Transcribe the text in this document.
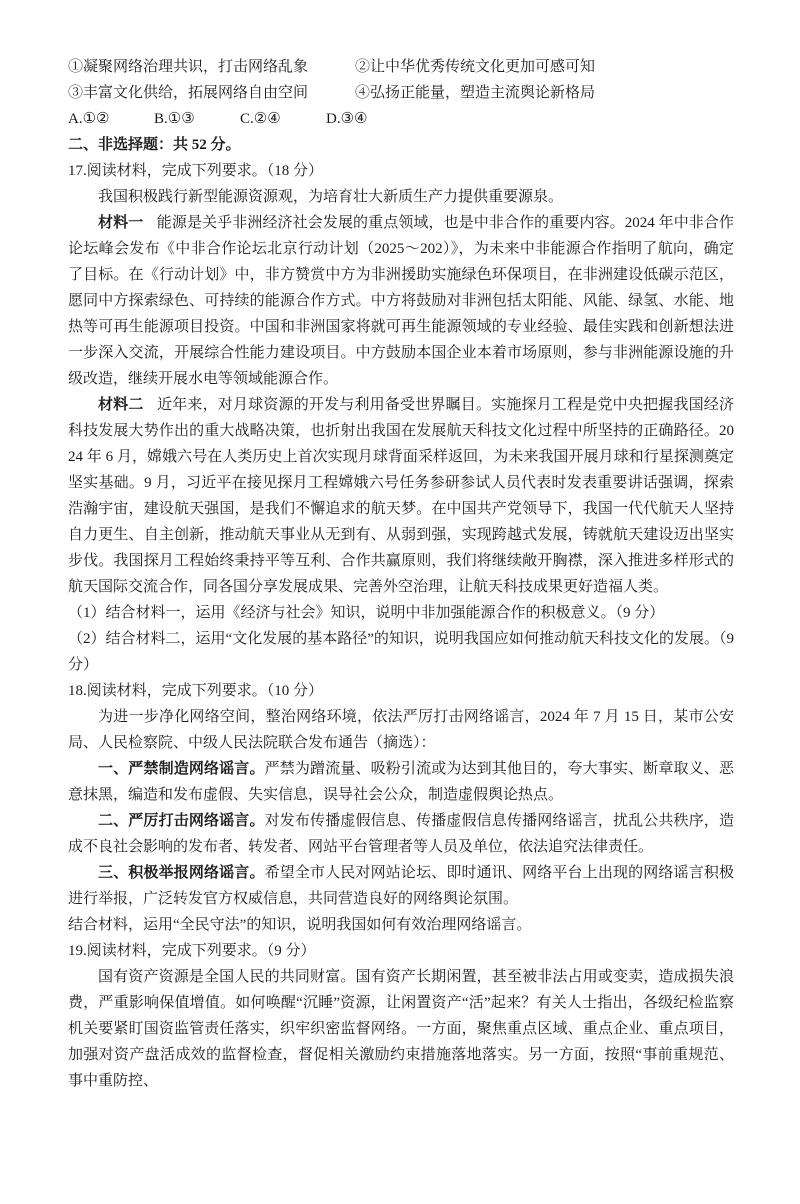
①凝聚网络治理共识，打击网络乱象	②让中华优秀传统文化更加可感可知
③丰富文化供给，拓展网络自由空间	④弘扬正能量，塑造主流舆论新格局
A.①②	B.①③	C.②④	D.③④

二、非选择题：共 52 分。

17.阅读材料，完成下列要求。（18 分）

我国积极践行新型能源资源观，为培育壮大新质生产力提供重要源泉。

材料一 能源是关乎非洲经济社会发展的重点领域，也是中非合作的重要内容。2024 年中非合作论坛峰会发布《中非合作论坛北京行动计划（2025～202）》，为未来中非能源合作指明了航向，确定了目标。在《行动计划》中，非方赞赏中方为非洲援助实施绿色环保项目，在非洲建设低碳示范区，愿同中方探索绿色、可持续的能源合作方式。中方将鼓励对非洲包括太阳能、风能、绿氢、水能、地热等可再生能源项目投资。中国和非洲国家将就可再生能源领域的专业经验、最佳实践和创新想法进一步深入交流，开展综合性能力建设项目。中方鼓励本国企业本着市场原则，参与非洲能源设施的升级改造，继续开展水电等领域能源合作。

材料二 近年来，对月球资源的开发与利用备受世界瞩目。实施探月工程是党中央把握我国经济科技发展大势作出的重大战略决策，也折射出我国在发展航天科技文化过程中所坚持的正确路径。2024 年 6 月，嫦娥六号在人类历史上首次实现月球背面采样返回，为未来我国开展月球和行星探测奠定坚实基础。9 月，习近平在接见探月工程嫦娥六号任务参研参试人员代表时发表重要讲话强调，探索浩瀚宇宙，建设航天强国，是我们不懈追求的航天梦。在中国共产党领导下，我国一代代航天人坚持自力更生、自主创新，推动航天事业从无到有、从弱到强，实现跨越式发展，铸就航天建设迈出坚实步伐。我国探月工程始终秉持平等互利、合作共赢原则，我们将继续敞开胸襟，深入推进多样形式的航天国际交流合作，同各国分享发展成果、完善外空治理，让航天科技成果更好造福人类。

（1）结合材料一，运用《经济与社会》知识，说明中非加强能源合作的积极意义。（9 分）

（2）结合材料二，运用“文化发展的基本路径”的知识，说明我国应如何推动航天科技文化的发展。（9 分）

18.阅读材料，完成下列要求。（10 分）

为进一步净化网络空间，整治网络环境，依法严厉打击网络谣言，2024 年 7 月 15 日，某市公安局、人民检察院、中级人民法院联合发布通告（摘选）：

一、严禁制造网络谣言。严禁为蹭流量、吸粉引流或为达到其他目的，夸大事实、断章取义、恶意抹黑，编造和发布虚假、失实信息，误导社会公众，制造虚假舆论热点。

二、严厉打击网络谣言。对发布传播虚假信息、传播虚假信息传播网络谣言，扰乱公共秩序，造成不良社会影响的发布者、转发者、网站平台管理者等人员及单位，依法追究法律责任。

三、积极举报网络谣言。希望全市人民对网站论坛、即时通讯、网络平台上出现的网络谣言积极进行举报，广泛转发官方权威信息，共同营造良好的网络舆论氛围。

结合材料，运用“全民守法”的知识，说明我国如何有效治理网络谣言。

19.阅读材料，完成下列要求。（9 分）

国有资产资源是全国人民的共同财富。国有资产长期闲置，甚至被非法占用或变卖，造成损失浪费，严重影响保值增值。如何唤醒“沉睡”资源，让闲置资产“活”起来？有关人士指出，各级纪检监察机关要紧盯国资监管责任落实，织牢织密监督网络。一方面，聚焦重点区域、重点企业、重点项目，加强对资产盘活成效的监督检查，督促相关激励约束措施落地落实。另一方面，按照“事前重规范、事中重防控、
